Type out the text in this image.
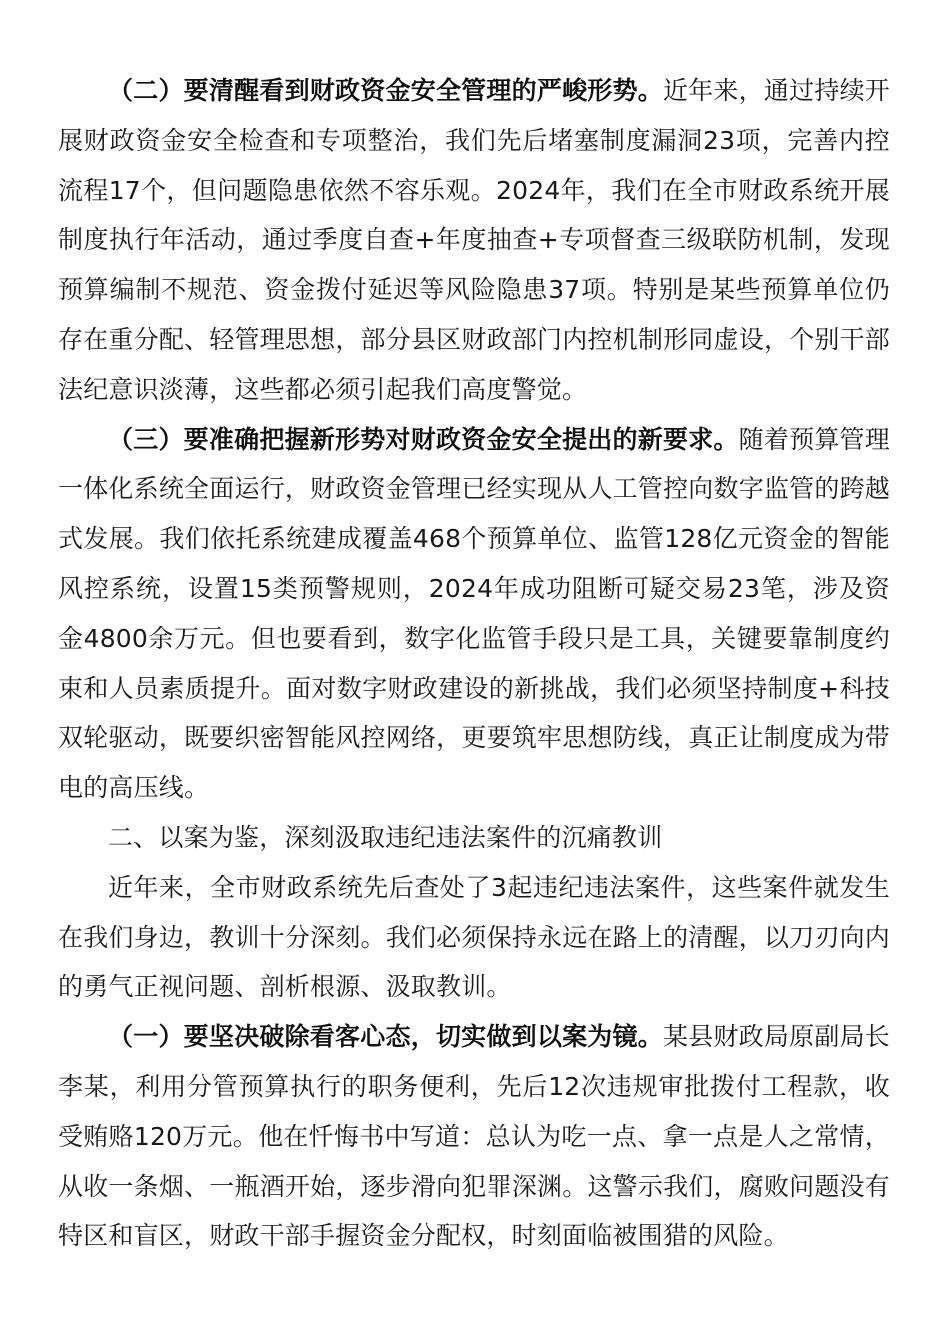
（二）要清醒看到财政资金安全管理的严峻形势。近年来，通过持续开展财政资金安全检查和专项整治，我们先后堵塞制度漏洞23项，完善内控流程17个，但问题隐患依然不容乐观。2024年，我们在全市财政系统开展制度执行年活动，通过季度自查+年度抽查+专项督查三级联防机制，发现预算编制不规范、资金拨付延迟等风险隐患37项。特别是某些预算单位仍存在重分配、轻管理思想，部分县区财政部门内控机制形同虚设，个别干部法纪意识淡薄，这些都必须引起我们高度警觉。

（三）要准确把握新形势对财政资金安全提出的新要求。随着预算管理一体化系统全面运行，财政资金管理已经实现从人工管控向数字监管的跨越式发展。我们依托系统建成覆盖468个预算单位、监管128亿元资金的智能风控系统，设置15类预警规则，2024年成功阻断可疑交易23笔，涉及资金4800余万元。但也要看到，数字化监管手段只是工具，关键要靠制度约束和人员素质提升。面对数字财政建设的新挑战，我们必须坚持制度+科技双轮驱动，既要织密智能风控网络，更要筑牢思想防线，真正让制度成为带电的高压线。

二、以案为鉴，深刻汲取违纪违法案件的沉痛教训

近年来，全市财政系统先后查处了3起违纪违法案件，这些案件就发生在我们身边，教训十分深刻。我们必须保持永远在路上的清醒，以刀刃向内的勇气正视问题、剖析根源、汲取教训。

（一）要坚决破除看客心态，切实做到以案为镜。某县财政局原副局长李某，利用分管预算执行的职务便利，先后12次违规审批拨付工程款，收受贿赂120万元。他在忏悔书中写道：总认为吃一点、拿一点是人之常情，从收一条烟、一瓶酒开始，逐步滑向犯罪深渊。这警示我们，腐败问题没有特区和盲区，财政干部手握资金分配权，时刻面临被围猎的风险。
